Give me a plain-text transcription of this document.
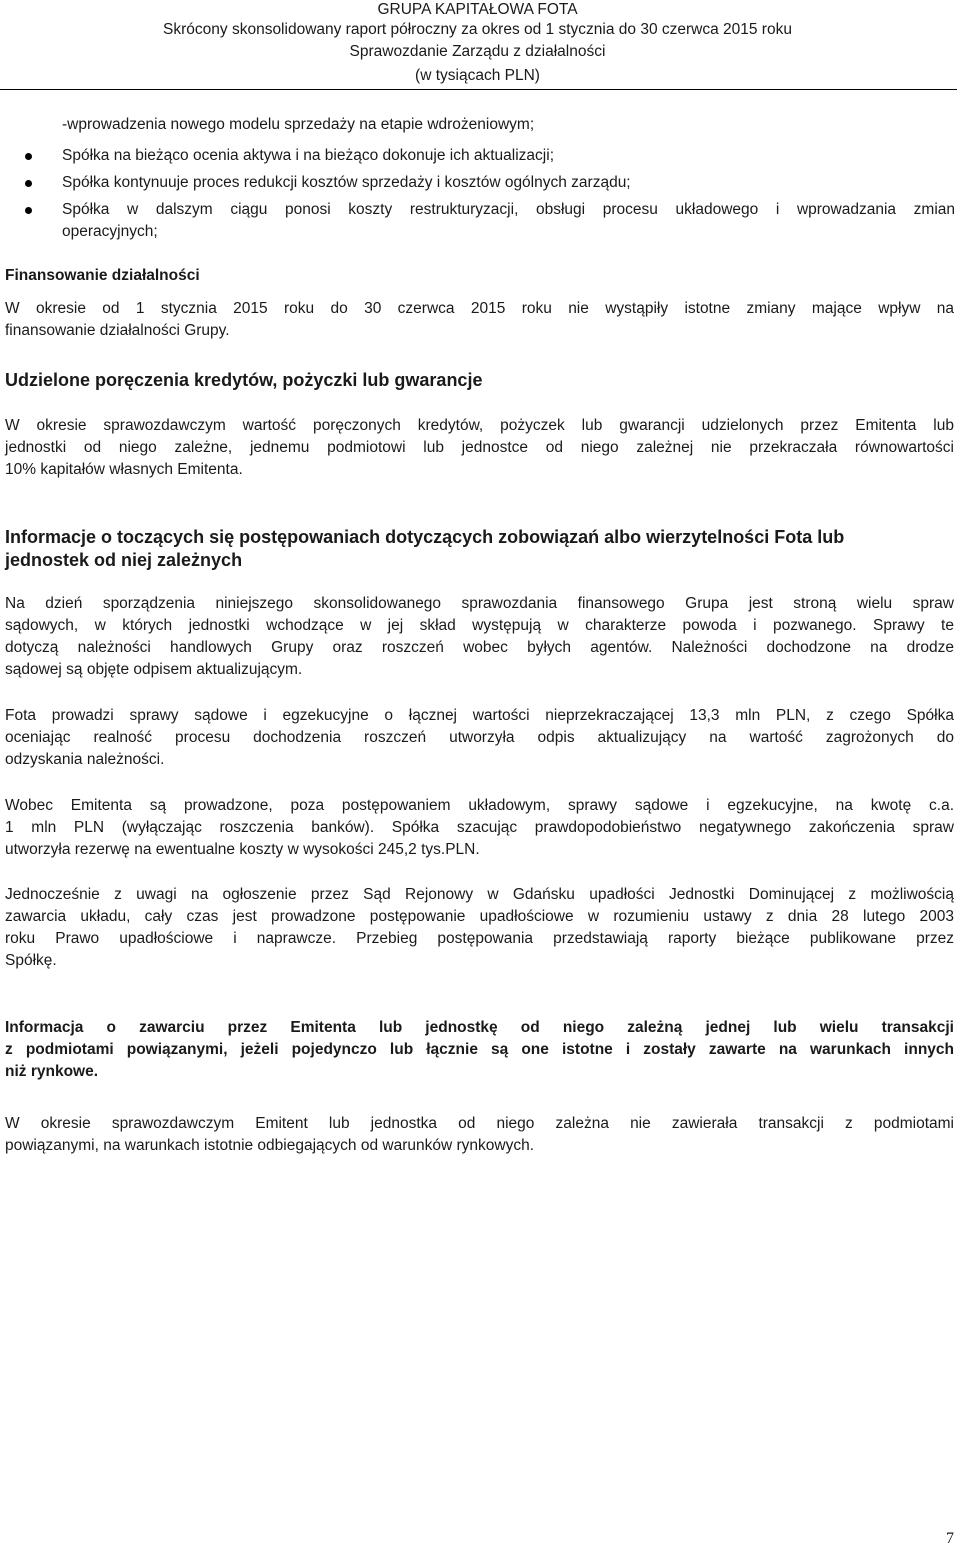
GRUPA KAPITAŁOWA FOTA
Skrócony skonsolidowany raport półroczny za okres od 1 stycznia do 30 czerwca 2015 roku
Sprawozdanie Zarządu z działalności
(w tysiącach PLN)
-wprowadzenia nowego modelu sprzedaży na etapie wdrożeniowym;
Spółka na bieżąco ocenia aktywa i na bieżąco dokonuje ich aktualizacji;
Spółka kontynuuje proces redukcji kosztów sprzedaży i kosztów ogólnych zarządu;
Spółka w dalszym ciągu ponosi koszty restrukturyzacji, obsługi procesu układowego i wprowadzania zmian
operacyjnych;
Finansowanie działalności
W okresie od 1 stycznia 2015 roku do 30 czerwca 2015 roku nie wystąpiły istotne zmiany mające wpływ na
finansowanie działalności Grupy.
Udzielone poręczenia kredytów, pożyczki lub gwarancje
W okresie sprawozdawczym wartość poręczonych kredytów, pożyczek lub gwarancji udzielonych przez Emitenta lub
jednostki od niego zależne, jednemu podmiotowi lub jednostce od niego zależnej nie przekraczała równowartości
10% kapitałów własnych Emitenta.
Informacje o toczących się postępowaniach dotyczących zobowiązań albo wierzytelności Fota lub
jednostek od niej zależnych
Na dzień sporządzenia niniejszego skonsolidowanego sprawozdania finansowego Grupa jest stroną wielu spraw
sądowych, w których jednostki wchodzące w jej skład występują w charakterze powoda i pozwanego. Sprawy te
dotyczą należności handlowych Grupy oraz roszczeń wobec byłych agentów. Należności dochodzone na drodze
sądowej są objęte odpisem aktualizującym.
Fota prowadzi sprawy sądowe i egzekucyjne o łącznej wartości nieprzekraczającej 13,3 mln PLN, z czego Spółka
oceniając realność procesu dochodzenia roszczeń utworzyła odpis aktualizujący na wartość zagrożonych do
odzyskania należności.
Wobec Emitenta są prowadzone, poza postępowaniem układowym, sprawy sądowe i egzekucyjne, na kwotę c.a.
1 mln PLN (wyłączając roszczenia banków). Spółka szacując prawdopodobieństwo negatywnego zakończenia spraw
utworzyła rezerwę na ewentualne koszty w wysokości 245,2 tys.PLN.
Jednocześnie z uwagi na ogłoszenie przez Sąd Rejonowy w Gdańsku upadłości Jednostki Dominującej z możliwością
zawarcia układu, cały czas jest prowadzone postępowanie upadłościowe w rozumieniu ustawy z dnia 28 lutego 2003
roku Prawo upadłościowe i naprawcze. Przebieg postępowania przedstawiają raporty bieżące publikowane przez
Spółkę.
Informacja o zawarciu przez Emitenta lub jednostkę od niego zależną jednej lub wielu transakcji
z podmiotami powiązanymi, jeżeli pojedynczo lub łącznie są one istotne i zostały zawarte na warunkach innych
niż rynkowe.
W okresie sprawozdawczym Emitent lub jednostka od niego zależna nie zawierała transakcji z podmiotami
powiązanymi, na warunkach istotnie odbiegających od warunków rynkowych.
7
